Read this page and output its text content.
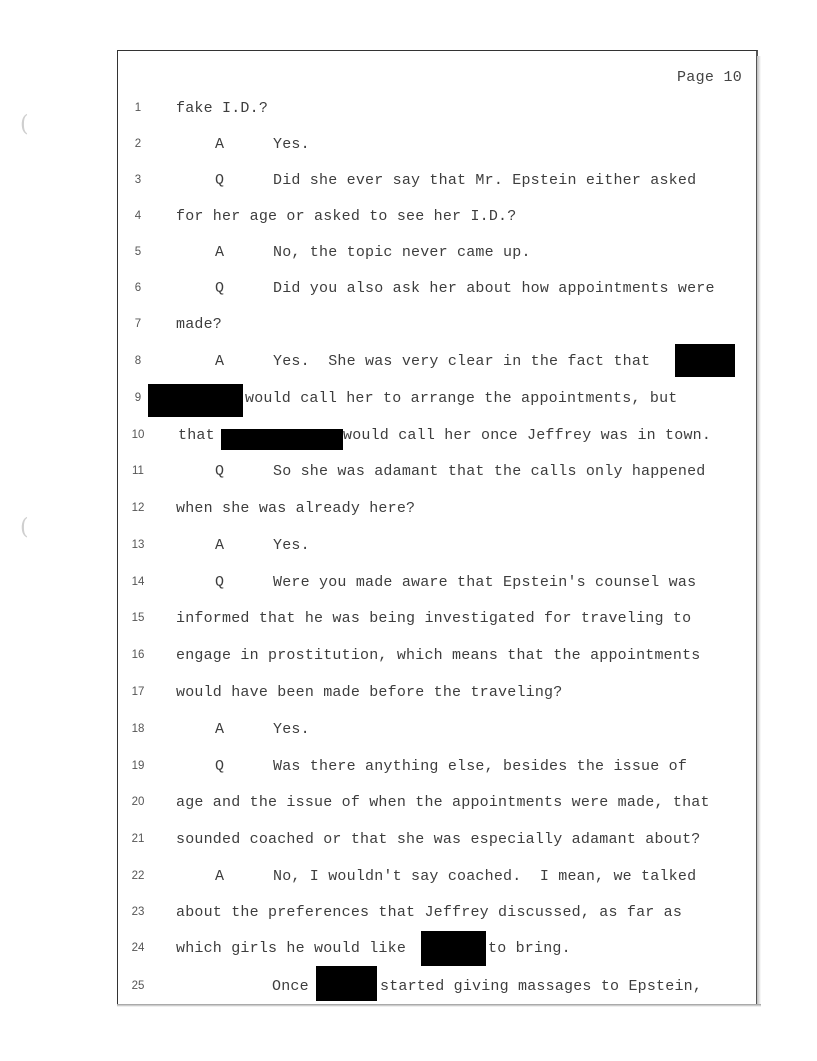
(
(
Page 10
1	fake I.D.?
2	A	Yes.
3	Q	Did she ever say that Mr. Epstein either asked
4	for her age or asked to see her I.D.?
5	A	No, the topic never came up.
6	Q	Did you also ask her about how appointments were
7	made?
8	A	Yes.  She was very clear in the fact that
9	would call her to arrange the appointments, but
10 that	would call her once Jeffrey was in town.
11	Q	So she was adamant that the calls only happened
12 when she was already here?
13	A	Yes.
14	Q	Were you made aware that Epstein's counsel was
15 informed that he was being investigated for traveling to
16 engage in prostitution, which means that the appointments
17 would have been made before the traveling?
18	A	Yes.
19	Q	Was there anything else, besides the issue of
20 age and the issue of when the appointments were made, that
21 sounded coached or that she was especially adamant about?
22	A	No, I wouldn't say coached.  I mean, we talked
23 about the preferences that Jeffrey discussed, as far as
24 which girls he would like	to bring.
25	Once	started giving massages to Epstein,
